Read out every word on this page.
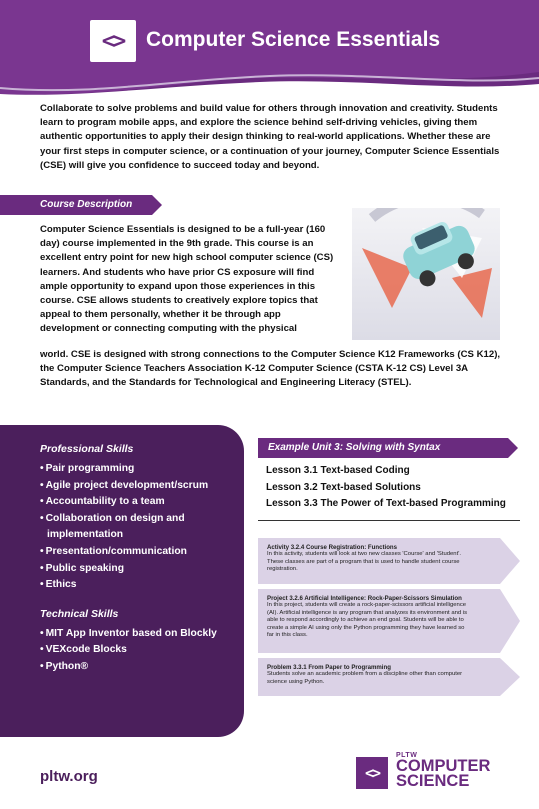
<>	Computer Science Essentials

Collaborate to solve problems and build value for others through innovation and creativity. Students learn to program mobile apps, and explore the science behind self-driving vehicles, giving them authentic opportunities to apply their design thinking to real-world applications. Whether these are your first steps in computer science, or a continuation of your journey, Computer Science Essentials (CSE) will give you confidence to succeed today and beyond.

Course Description

Computer Science Essentials is designed to be a full-year (160 day) course implemented in the 9th grade. This course is an excellent entry point for new high school computer science (CS) learners. And students who have prior CS exposure will find ample opportunity to expand upon those experiences in this course. CSE allows students to creatively explore topics that appeal to them personally, whether it be through app development or connecting computing with the physical

world. CSE is designed with strong connections to the Computer Science K12 Frameworks (CS K12), the Computer Science Teachers Association K-12 Computer Science (CSTA K-12 CS) Level 3A Standards, and the Standards for Technological and Engineering Literacy (STEL).

Professional Skills
• Pair programming
• Agile project development/scrum
• Accountability to a team
• Collaboration on design and implementation
• Presentation/communication
• Public speaking
• Ethics
Technical Skills
• MIT App Inventor based on Blockly
• VEXcode Blocks
• Python®
Example Unit 3: Solving with Syntax
Lesson 3.1 Text-based Coding
Lesson 3.2 Text-based Solutions
Lesson 3.3 The Power of Text-based Programming
Activity 3.2.4 Course Registration: Functions
In this activity, students will look at two new classes 'Course' and 'Student'. These classes are part of a program that is used to handle student course registration.
Project 3.2.6 Artificial Intelligence: Rock-Paper-Scissors Simulation
In this project, students will create a rock-paper-scissors artificial intelligence (AI). Artificial intelligence is any program that analyzes its environment and is able to respond accordingly to achieve an end goal. Students will be able to create a simple AI using only the Python programming they have learned so far in this class.
Problem 3.3.1 From Paper to Programming
Students solve an academic problem from a discipline other than computer science using Python.
pltw.org	<>
PLTW
COMPUTER
SCIENCE
